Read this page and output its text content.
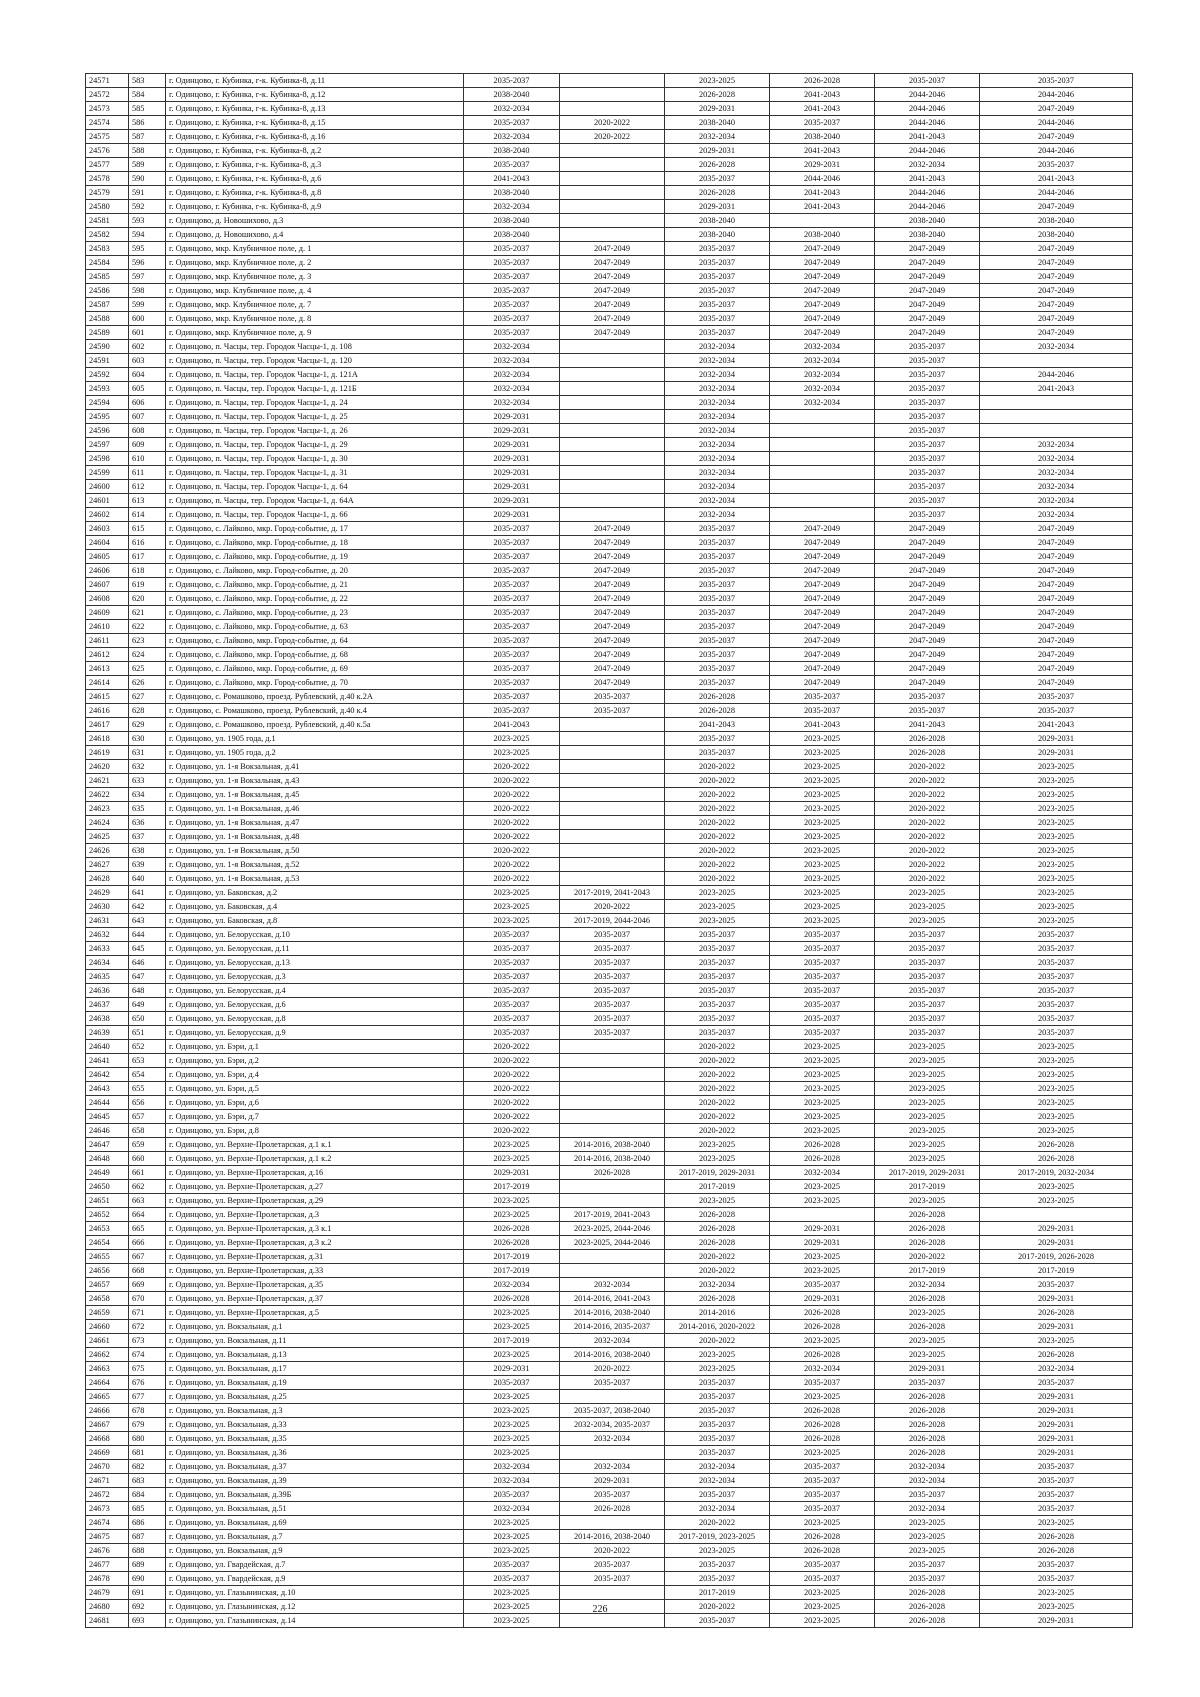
24571	583	г. Одинцово, г. Кубинка, г-к. Кубинка-8, д.11	2035-2037		2023-2025	2026-2028	2035-2037	2035-2037
24572	584	г. Одинцово, г. Кубинка, г-к. Кубинка-8, д.12	2038-2040		2026-2028	2041-2043	2044-2046	2044-2046
24573	585	г. Одинцово, г. Кубинка, г-к. Кубинка-8, д.13	2032-2034		2029-2031	2041-2043	2044-2046	2047-2049
24574	586	г. Одинцово, г. Кубинка, г-к. Кубинка-8, д.15	2035-2037	2020-2022	2038-2040	2035-2037	2044-2046	2044-2046
24575	587	г. Одинцово, г. Кубинка, г-к. Кубинка-8, д.16	2032-2034	2020-2022	2032-2034	2038-2040	2041-2043	2047-2049
24576	588	г. Одинцово, г. Кубинка, г-к. Кубинка-8, д.2	2038-2040		2029-2031	2041-2043	2044-2046	2044-2046
24577	589	г. Одинцово, г. Кубинка, г-к. Кубинка-8, д.3	2035-2037		2026-2028	2029-2031	2032-2034	2035-2037
24578	590	г. Одинцово, г. Кубинка, г-к. Кубинка-8, д.6	2041-2043		2035-2037	2044-2046	2041-2043	2041-2043
24579	591	г. Одинцово, г. Кубинка, г-к. Кубинка-8, д.8	2038-2040		2026-2028	2041-2043	2044-2046	2044-2046
24580	592	г. Одинцово, г. Кубинка, г-к. Кубинка-8, д.9	2032-2034		2029-2031	2041-2043	2044-2046	2047-2049
24581	593	г. Одинцово, д. Новошихово, д.3	2038-2040		2038-2040		2038-2040	2038-2040
24582	594	г. Одинцово, д. Новошихово, д.4	2038-2040		2038-2040	2038-2040	2038-2040	2038-2040
24583	595	г. Одинцово, мкр. Клубничное поле, д. 1	2035-2037	2047-2049	2035-2037	2047-2049	2047-2049	2047-2049
24584	596	г. Одинцово, мкр. Клубничное поле, д. 2	2035-2037	2047-2049	2035-2037	2047-2049	2047-2049	2047-2049
24585	597	г. Одинцово, мкр. Клубничное поле, д. 3	2035-2037	2047-2049	2035-2037	2047-2049	2047-2049	2047-2049
24586	598	г. Одинцово, мкр. Клубничное поле, д. 4	2035-2037	2047-2049	2035-2037	2047-2049	2047-2049	2047-2049
24587	599	г. Одинцово, мкр. Клубничное поле, д. 7	2035-2037	2047-2049	2035-2037	2047-2049	2047-2049	2047-2049
24588	600	г. Одинцово, мкр. Клубничное поле, д. 8	2035-2037	2047-2049	2035-2037	2047-2049	2047-2049	2047-2049
24589	601	г. Одинцово, мкр. Клубничное поле, д. 9	2035-2037	2047-2049	2035-2037	2047-2049	2047-2049	2047-2049
24590	602	г. Одинцово, п. Часцы, тер. Городок Часцы-1, д. 108	2032-2034		2032-2034	2032-2034	2035-2037	2032-2034
24591	603	г. Одинцово, п. Часцы, тер. Городок Часцы-1, д. 120	2032-2034		2032-2034	2032-2034	2035-2037	
24592	604	г. Одинцово, п. Часцы, тер. Городок Часцы-1, д. 121А	2032-2034		2032-2034	2032-2034	2035-2037	2044-2046
24593	605	г. Одинцово, п. Часцы, тер. Городок Часцы-1, д. 121Б	2032-2034		2032-2034	2032-2034	2035-2037	2041-2043
24594	606	г. Одинцово, п. Часцы, тер. Городок Часцы-1, д. 24	2032-2034		2032-2034	2032-2034	2035-2037	
24595	607	г. Одинцово, п. Часцы, тер. Городок Часцы-1, д. 25	2029-2031		2032-2034		2035-2037	
24596	608	г. Одинцово, п. Часцы, тер. Городок Часцы-1, д. 26	2029-2031		2032-2034		2035-2037	
24597	609	г. Одинцово, п. Часцы, тер. Городок Часцы-1, д. 29	2029-2031		2032-2034		2035-2037	2032-2034
24598	610	г. Одинцово, п. Часцы, тер. Городок Часцы-1, д. 30	2029-2031		2032-2034		2035-2037	2032-2034
24599	611	г. Одинцово, п. Часцы, тер. Городок Часцы-1, д. 31	2029-2031		2032-2034		2035-2037	2032-2034
24600	612	г. Одинцово, п. Часцы, тер. Городок Часцы-1, д. 64	2029-2031		2032-2034		2035-2037	2032-2034
24601	613	г. Одинцово, п. Часцы, тер. Городок Часцы-1, д. 64А	2029-2031		2032-2034		2035-2037	2032-2034
24602	614	г. Одинцово, п. Часцы, тер. Городок Часцы-1, д. 66	2029-2031		2032-2034		2035-2037	2032-2034
24603	615	г. Одинцово, с. Лайково, мкр. Город-событие, д. 17	2035-2037	2047-2049	2035-2037	2047-2049	2047-2049	2047-2049
24604	616	г. Одинцово, с. Лайково, мкр. Город-событие, д. 18	2035-2037	2047-2049	2035-2037	2047-2049	2047-2049	2047-2049
24605	617	г. Одинцово, с. Лайково, мкр. Город-событие, д. 19	2035-2037	2047-2049	2035-2037	2047-2049	2047-2049	2047-2049
24606	618	г. Одинцово, с. Лайково, мкр. Город-событие, д. 20	2035-2037	2047-2049	2035-2037	2047-2049	2047-2049	2047-2049
24607	619	г. Одинцово, с. Лайково, мкр. Город-событие, д. 21	2035-2037	2047-2049	2035-2037	2047-2049	2047-2049	2047-2049
24608	620	г. Одинцово, с. Лайково, мкр. Город-событие, д. 22	2035-2037	2047-2049	2035-2037	2047-2049	2047-2049	2047-2049
24609	621	г. Одинцово, с. Лайково, мкр. Город-событие, д. 23	2035-2037	2047-2049	2035-2037	2047-2049	2047-2049	2047-2049
24610	622	г. Одинцово, с. Лайково, мкр. Город-событие, д. 63	2035-2037	2047-2049	2035-2037	2047-2049	2047-2049	2047-2049
24611	623	г. Одинцово, с. Лайково, мкр. Город-событие, д. 64	2035-2037	2047-2049	2035-2037	2047-2049	2047-2049	2047-2049
24612	624	г. Одинцово, с. Лайково, мкр. Город-событие, д. 68	2035-2037	2047-2049	2035-2037	2047-2049	2047-2049	2047-2049
24613	625	г. Одинцово, с. Лайково, мкр. Город-событие, д. 69	2035-2037	2047-2049	2035-2037	2047-2049	2047-2049	2047-2049
24614	626	г. Одинцово, с. Лайково, мкр. Город-событие, д. 70	2035-2037	2047-2049	2035-2037	2047-2049	2047-2049	2047-2049
24615	627	г. Одинцово, с. Ромашково, проезд. Рублевский, д.40 к.2А	2035-2037	2035-2037	2026-2028	2035-2037	2035-2037	2035-2037
24616	628	г. Одинцово, с. Ромашково, проезд. Рублевский, д.40 к.4	2035-2037	2035-2037	2026-2028	2035-2037	2035-2037	2035-2037
24617	629	г. Одинцово, с. Ромашково, проезд. Рублевский, д.40 к.5а	2041-2043		2041-2043	2041-2043	2041-2043	2041-2043
24618	630	г. Одинцово, ул. 1905 года, д.1	2023-2025		2035-2037	2023-2025	2026-2028	2029-2031
24619	631	г. Одинцово, ул. 1905 года, д.2	2023-2025		2035-2037	2023-2025	2026-2028	2029-2031
24620	632	г. Одинцово, ул. 1-я Вокзальная, д.41	2020-2022		2020-2022	2023-2025	2020-2022	2023-2025
24621	633	г. Одинцово, ул. 1-я Вокзальная, д.43	2020-2022		2020-2022	2023-2025	2020-2022	2023-2025
24622	634	г. Одинцово, ул. 1-я Вокзальная, д.45	2020-2022		2020-2022	2023-2025	2020-2022	2023-2025
24623	635	г. Одинцово, ул. 1-я Вокзальная, д.46	2020-2022		2020-2022	2023-2025	2020-2022	2023-2025
24624	636	г. Одинцово, ул. 1-я Вокзальная, д.47	2020-2022		2020-2022	2023-2025	2020-2022	2023-2025
24625	637	г. Одинцово, ул. 1-я Вокзальная, д.48	2020-2022		2020-2022	2023-2025	2020-2022	2023-2025
24626	638	г. Одинцово, ул. 1-я Вокзальная, д.50	2020-2022		2020-2022	2023-2025	2020-2022	2023-2025
24627	639	г. Одинцово, ул. 1-я Вокзальная, д.52	2020-2022		2020-2022	2023-2025	2020-2022	2023-2025
24628	640	г. Одинцово, ул. 1-я Вокзальная, д.53	2020-2022		2020-2022	2023-2025	2020-2022	2023-2025
24629	641	г. Одинцово, ул. Баковская, д.2	2023-2025	2017-2019, 2041-2043	2023-2025	2023-2025	2023-2025	2023-2025
24630	642	г. Одинцово, ул. Баковская, д.4	2023-2025	2020-2022	2023-2025	2023-2025	2023-2025	2023-2025
24631	643	г. Одинцово, ул. Баковская, д.8	2023-2025	2017-2019, 2044-2046	2023-2025	2023-2025	2023-2025	2023-2025
24632	644	г. Одинцово, ул. Белорусская, д.10	2035-2037	2035-2037	2035-2037	2035-2037	2035-2037	2035-2037
24633	645	г. Одинцово, ул. Белорусская, д.11	2035-2037	2035-2037	2035-2037	2035-2037	2035-2037	2035-2037
24634	646	г. Одинцово, ул. Белорусская, д.13	2035-2037	2035-2037	2035-2037	2035-2037	2035-2037	2035-2037
24635	647	г. Одинцово, ул. Белорусская, д.3	2035-2037	2035-2037	2035-2037	2035-2037	2035-2037	2035-2037
24636	648	г. Одинцово, ул. Белорусская, д.4	2035-2037	2035-2037	2035-2037	2035-2037	2035-2037	2035-2037
24637	649	г. Одинцово, ул. Белорусская, д.6	2035-2037	2035-2037	2035-2037	2035-2037	2035-2037	2035-2037
24638	650	г. Одинцово, ул. Белорусская, д.8	2035-2037	2035-2037	2035-2037	2035-2037	2035-2037	2035-2037
24639	651	г. Одинцово, ул. Белорусская, д.9	2035-2037	2035-2037	2035-2037	2035-2037	2035-2037	2035-2037
24640	652	г. Одинцово, ул. Бэри, д.1	2020-2022		2020-2022	2023-2025	2023-2025	2023-2025
24641	653	г. Одинцово, ул. Бэри, д.2	2020-2022		2020-2022	2023-2025	2023-2025	2023-2025
24642	654	г. Одинцово, ул. Бэри, д.4	2020-2022		2020-2022	2023-2025	2023-2025	2023-2025
24643	655	г. Одинцово, ул. Бэри, д.5	2020-2022		2020-2022	2023-2025	2023-2025	2023-2025
24644	656	г. Одинцово, ул. Бэри, д.6	2020-2022		2020-2022	2023-2025	2023-2025	2023-2025
24645	657	г. Одинцово, ул. Бэри, д.7	2020-2022		2020-2022	2023-2025	2023-2025	2023-2025
24646	658	г. Одинцово, ул. Бэри, д.8	2020-2022		2020-2022	2023-2025	2023-2025	2023-2025
24647	659	г. Одинцово, ул. Верхне-Пролетарская, д.1 к.1	2023-2025	2014-2016, 2038-2040	2023-2025	2026-2028	2023-2025	2026-2028
24648	660	г. Одинцово, ул. Верхне-Пролетарская, д.1 к.2	2023-2025	2014-2016, 2038-2040	2023-2025	2026-2028	2023-2025	2026-2028
24649	661	г. Одинцово, ул. Верхне-Пролетарская, д.16	2029-2031	2026-2028	2017-2019, 2029-2031	2032-2034	2017-2019, 2029-2031	2017-2019, 2032-2034
24650	662	г. Одинцово, ул. Верхне-Пролетарская, д.27	2017-2019		2017-2019	2023-2025	2017-2019	2023-2025
24651	663	г. Одинцово, ул. Верхне-Пролетарская, д.29	2023-2025		2023-2025	2023-2025	2023-2025	2023-2025
24652	664	г. Одинцово, ул. Верхне-Пролетарская, д.3	2023-2025	2017-2019, 2041-2043	2026-2028		2026-2028	
24653	665	г. Одинцово, ул. Верхне-Пролетарская, д.3 к.1	2026-2028	2023-2025, 2044-2046	2026-2028	2029-2031	2026-2028	2029-2031
24654	666	г. Одинцово, ул. Верхне-Пролетарская, д.3 к.2	2026-2028	2023-2025, 2044-2046	2026-2028	2029-2031	2026-2028	2029-2031
24655	667	г. Одинцово, ул. Верхне-Пролетарская, д.31	2017-2019		2020-2022	2023-2025	2020-2022	2017-2019, 2026-2028
24656	668	г. Одинцово, ул. Верхне-Пролетарская, д.33	2017-2019		2020-2022	2023-2025	2017-2019	2017-2019
24657	669	г. Одинцово, ул. Верхне-Пролетарская, д.35	2032-2034	2032-2034	2032-2034	2035-2037	2032-2034	2035-2037
24658	670	г. Одинцово, ул. Верхне-Пролетарская, д.37	2026-2028	2014-2016, 2041-2043	2026-2028	2029-2031	2026-2028	2029-2031
24659	671	г. Одинцово, ул. Верхне-Пролетарская, д.5	2023-2025	2014-2016, 2038-2040	2014-2016	2026-2028	2023-2025	2026-2028
24660	672	г. Одинцово, ул. Вокзальная, д.1	2023-2025	2014-2016, 2035-2037	2014-2016, 2020-2022	2026-2028	2026-2028	2029-2031
24661	673	г. Одинцово, ул. Вокзальная, д.11	2017-2019	2032-2034	2020-2022	2023-2025	2023-2025	2023-2025
24662	674	г. Одинцово, ул. Вокзальная, д.13	2023-2025	2014-2016, 2038-2040	2023-2025	2026-2028	2023-2025	2026-2028
24663	675	г. Одинцово, ул. Вокзальная, д.17	2029-2031	2020-2022	2023-2025	2032-2034	2029-2031	2032-2034
24664	676	г. Одинцово, ул. Вокзальная, д.19	2035-2037	2035-2037	2035-2037	2035-2037	2035-2037	2035-2037
24665	677	г. Одинцово, ул. Вокзальная, д.25	2023-2025		2035-2037	2023-2025	2026-2028	2029-2031
24666	678	г. Одинцово, ул. Вокзальная, д.3	2023-2025	2035-2037, 2038-2040	2035-2037	2026-2028	2026-2028	2029-2031
24667	679	г. Одинцово, ул. Вокзальная, д.33	2023-2025	2032-2034, 2035-2037	2035-2037	2026-2028	2026-2028	2029-2031
24668	680	г. Одинцово, ул. Вокзальная, д.35	2023-2025	2032-2034	2035-2037	2026-2028	2026-2028	2029-2031
24669	681	г. Одинцово, ул. Вокзальная, д.36	2023-2025		2035-2037	2023-2025	2026-2028	2029-2031
24670	682	г. Одинцово, ул. Вокзальная, д.37	2032-2034	2032-2034	2032-2034	2035-2037	2032-2034	2035-2037
24671	683	г. Одинцово, ул. Вокзальная, д.39	2032-2034	2029-2031	2032-2034	2035-2037	2032-2034	2035-2037
24672	684	г. Одинцово, ул. Вокзальная, д.39Б	2035-2037	2035-2037	2035-2037	2035-2037	2035-2037	2035-2037
24673	685	г. Одинцово, ул. Вокзальная, д.51	2032-2034	2026-2028	2032-2034	2035-2037	2032-2034	2035-2037
24674	686	г. Одинцово, ул. Вокзальная, д.69	2023-2025		2020-2022	2023-2025	2023-2025	2023-2025
24675	687	г. Одинцово, ул. Вокзальная, д.7	2023-2025	2014-2016, 2038-2040	2017-2019, 2023-2025	2026-2028	2023-2025	2026-2028
24676	688	г. Одинцово, ул. Вокзальная, д.9	2023-2025	2020-2022	2023-2025	2026-2028	2023-2025	2026-2028
24677	689	г. Одинцово, ул. Гвардейская, д.7	2035-2037	2035-2037	2035-2037	2035-2037	2035-2037	2035-2037
24678	690	г. Одинцово, ул. Гвардейская, д.9	2035-2037	2035-2037	2035-2037	2035-2037	2035-2037	2035-2037
24679	691	г. Одинцово, ул. Глазынинская, д.10	2023-2025		2017-2019	2023-2025	2026-2028	2023-2025
24680	692	г. Одинцово, ул. Глазынинская, д.12	2023-2025		2020-2022	2023-2025	2026-2028	2023-2025
24681	693	г. Одинцово, ул. Глазынинская, д.14	2023-2025		2035-2037	2023-2025	2026-2028	2029-2031
226
